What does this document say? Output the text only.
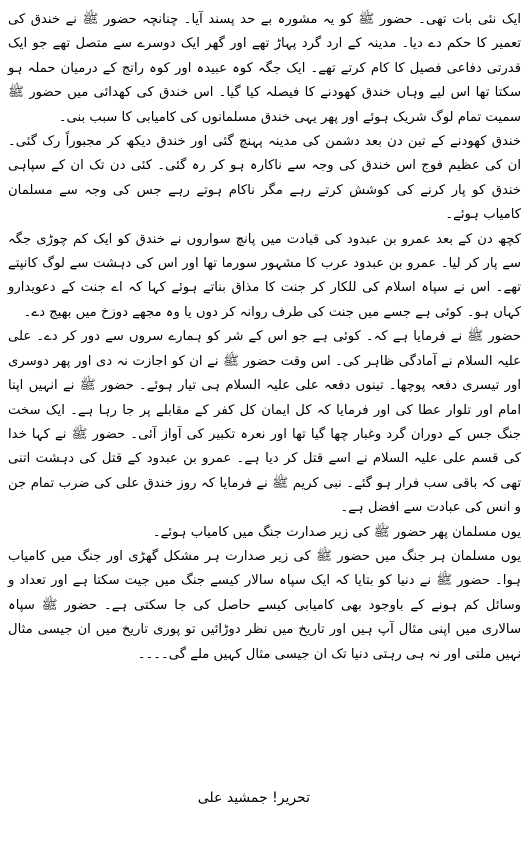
ایک نئی بات تھی۔ حضور ﷺ کو یہ مشورہ بے حد پسند آیا۔ چنانچہ حضور ﷺ نے خندق کی تعمیر کا حکم دے دیا۔ مدینہ کے ارد گرد پہاڑ تھے اور گھر ایک دوسرے سے متصل تھے جو ایک قدرتی دفاعی فصیل کا کام کرتے تھے۔ ایک جگہ کوہ عبیدہ اور کوہ راتج کے درمیان حملہ ہو سکتا تھا اس لیے وہاں خندق کھودنے کا فیصلہ کیا گیا۔ اس خندق کی کھدائی میں حضور ﷺ سمیت تمام لوگ شریک ہوئے اور پھر یہی خندق مسلمانوں کی کامیابی کا سبب بنی۔

خندق کھودنے کے تین دن بعد دشمن کی مدینہ پہنچ گئی اور خندق دیکھ کر مجبوراً رک گئی۔ ان کی عظیم فوج اس خندق کی وجہ سے ناکارہ ہو کر رہ گئی۔ کئی دن تک ان کے سپاہی خندق کو پار کرنے کی کوشش کرتے رہے مگر ناکام ہوتے رہے جس کی وجہ سے مسلمان کامیاب ہوئے۔

کچھ دن کے بعد عمرو بن عبدود کی قیادت میں پانچ سواروں نے خندق کو ایک کم چوڑی جگہ سے پار کر لیا۔ عمرو بن عبدود عرب کا مشہور سورما تھا اور اس کی دہشت سے لوگ کانپتے تھے۔ اس نے سپاہ اسلام کی للکار کر جنت کا مذاق بناتے ہوئے کہا کہ اے جنت کے دعویدارو کہاں ہو۔ کوئی ہے جسے میں جنت کی طرف روانہ کر دوں یا وہ مجھے دوزخ میں بھیج دے۔

حضور ﷺ نے فرمایا ہے کہ۔ کوئی ہے جو اس کے شر کو ہمارے سروں سے دور کر دے۔ علی علیہ السلام نے آمادگی ظاہر کی۔ اس وقت حضور ﷺ نے ان کو اجازت نہ دی اور پھر دوسری اور تیسری دفعہ پوچھا۔ تینوں دفعہ علی علیہ السلام ہی تیار ہوئے۔ حضور ﷺ نے انہیں اپنا امام اور تلوار عطا کی اور فرمایا کہ کل ایمان کل کفر کے مقابلے پر جا رہا ہے۔ ایک سخت جنگ جس کے دوران گرد وغبار چھا گیا تھا اور نعرہ تکبیر کی آواز آئی۔ حضور ﷺ نے کہا خدا کی قسم علی علیہ السلام نے اسے قتل کر دیا ہے۔ عمرو بن عبدود کے قتل کی دہشت اتنی تھی کہ باقی سب فرار ہو گئے۔ نبی کریم ﷺ نے فرمایا کہ روز خندق علی کی ضرب تمام جن و انس کی عبادت سے افضل ہے۔

یوں مسلمان پھر حضور ﷺ کی زیر صدارت جنگ میں کامیاب ہوئے۔

یوں مسلمان ہر جنگ میں حضور ﷺ کی زیر صدارت ہر مشکل گھڑی اور جنگ میں کامیاب ہوا۔ حضور ﷺ نے دنیا کو بتایا کہ ایک سپاہ سالار کیسے جنگ میں جیت سکتا ہے اور تعداد و وسائل کم ہونے کے باوجود بھی کامیابی کیسے حاصل کی جا سکتی ہے۔ حضور ﷺ سپاہ سالاری میں اپنی مثال آپ ہیں اور تاریخ میں نظر دوڑائیں تو پوری تاریخ میں ان جیسی مثال نہیں ملتی اور نہ ہی رہتی دنیا تک ان جیسی مثال کہیں ملے گی۔۔۔۔

تحریر! جمشید علی
